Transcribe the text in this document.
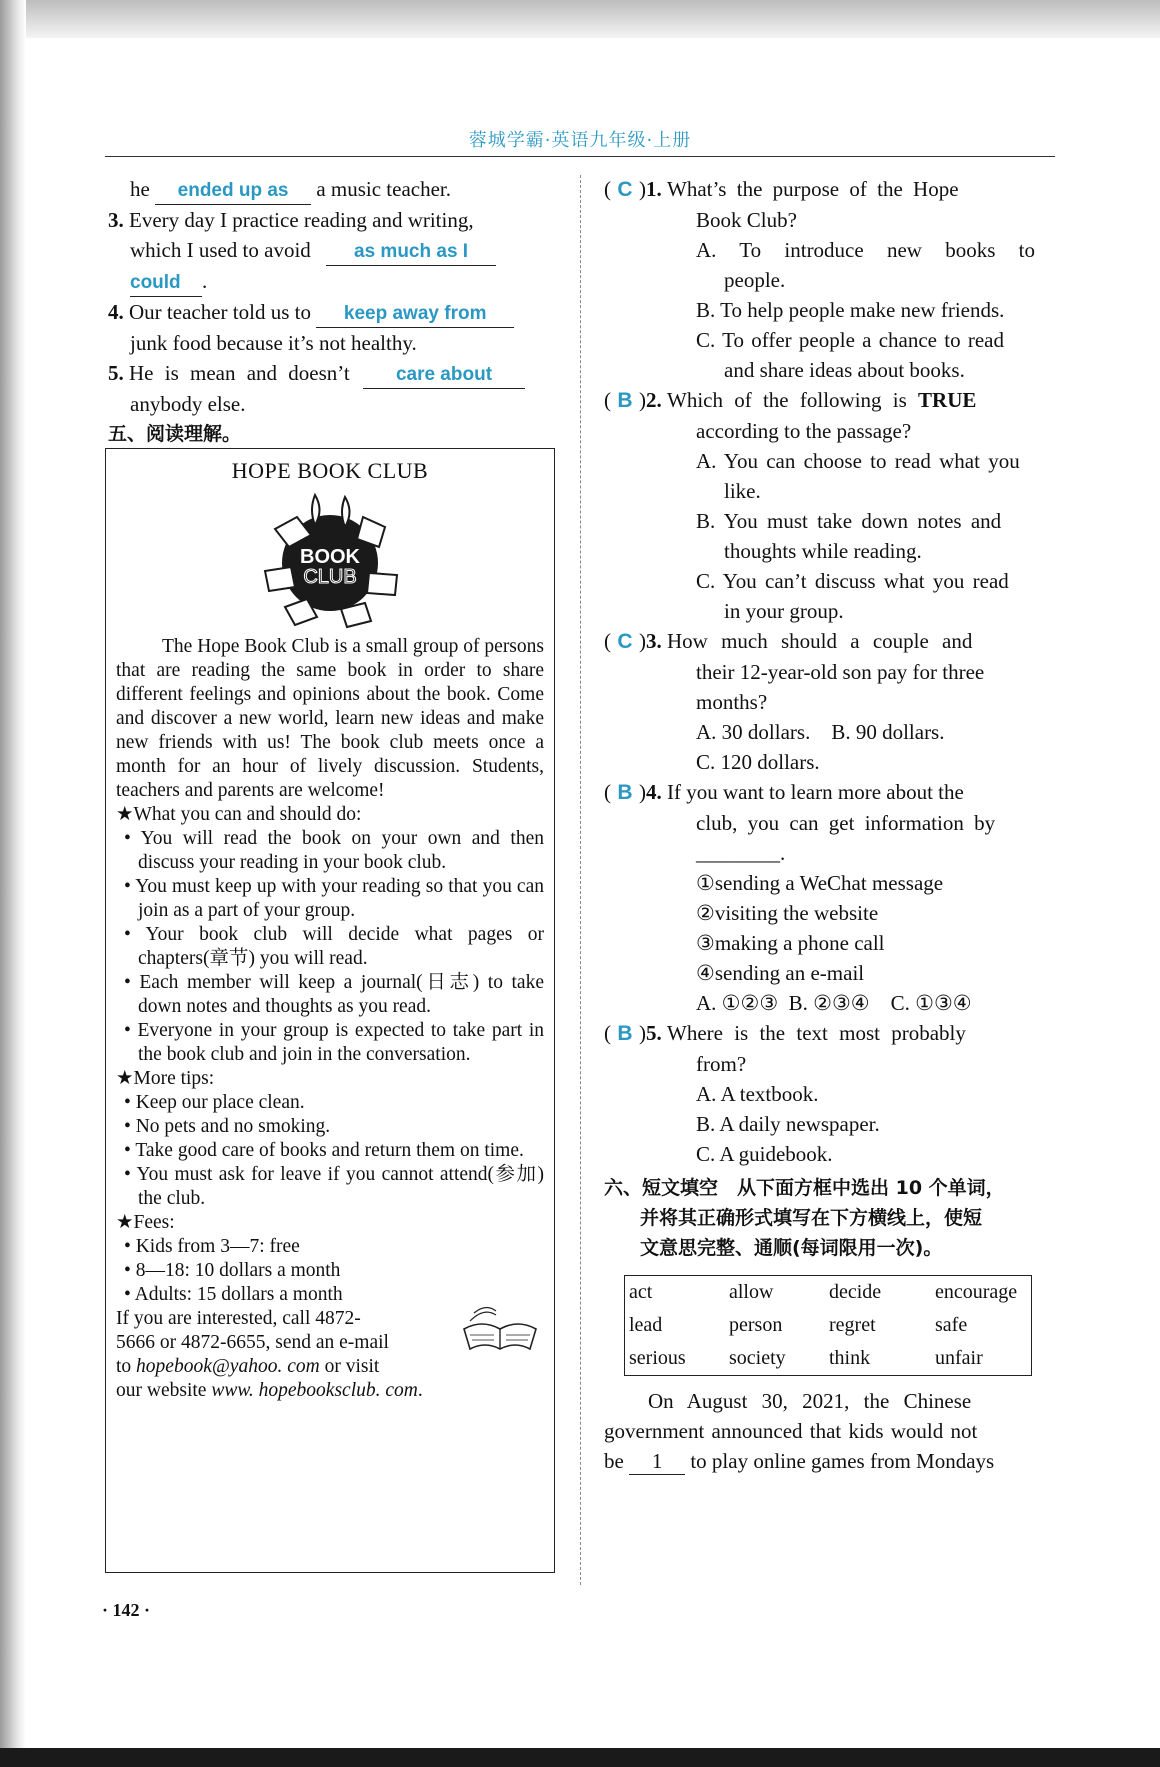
蓉城学霸·英语九年级·上册
he ended up as a music teacher.
3. Every day I practice reading and writing,
which I used to avoid as much as I
could .
4. Our teacher told us to keep away from
junk food because it’s not healthy.
5. He is mean and doesn’t care about
anybody else.
五、阅读理解。
HOPE BOOK CLUB
BOOK
CLUB

The Hope Book Club is a small group of persons that are reading the same book in order to share different feelings and opinions about the book. Come and discover a new world, learn new ideas and make new friends with us! The book club meets once a month for an hour of lively discussion. Students, teachers and parents are welcome!

★What you can and should do:

• You will read the book on your own and then discuss your reading in your book club.

• You must keep up with your reading so that you can join as a part of your group.

• Your book club will decide what pages or chapters(章节) you will read.

• Each member will keep a journal(日志) to take down notes and thoughts as you read.

• Everyone in your group is expected to take part in the book club and join in the conversation.

★More tips:

• Keep our place clean.

• No pets and no smoking.

• Take good care of books and return them on time.

• You must ask for leave if you cannot attend(参加) the club.

★Fees:

• Kids from 3—7: free

• 8—18: 10 dollars a month

• Adults: 15 dollars a month

If you are interested, call 4872-

5666 or 4872-6655, send an e-mail

to hopebook@yahoo. com or visit

our website www. hopebooksclub. com.

( C )1. What’s the purpose of the Hope
Book Club?
A. To introduce new books to
people.
B. To help people make new friends.
C. To offer people a chance to read
and share ideas about books.
( B )2. Which of the following is TRUE
according to the passage?
A. You can choose to read what you
like.
B. You must take down notes and
thoughts while reading.
C. You can’t discuss what you read
in your group.
( C )3. How much should a couple and
their 12-year-old son pay for three
months?
A. 30 dollars.    B. 90 dollars.
C. 120 dollars.
( B )4. If you want to learn more about the
club, you can get information by
________.
①sending a WeChat message
②visiting the website
③making a phone call
④sending an e-mail
A. ①②③  B. ②③④    C. ①③④
( B )5. Where is the text most probably
from?
A. A textbook.
B. A daily newspaper.
C. A guidebook.
六、短文填空　从下面方框中选出 10 个单词，
并将其正确形式填写在下方横线上，使短
文意思完整、通顺(每词限用一次)。
act	allow	decide	encourage
lead	person	regret	safe
serious	society	think	unfair
On August 30, 2021, the Chinese
government announced that kids would not
be 1 to play online games from Mondays
· 142 ·
